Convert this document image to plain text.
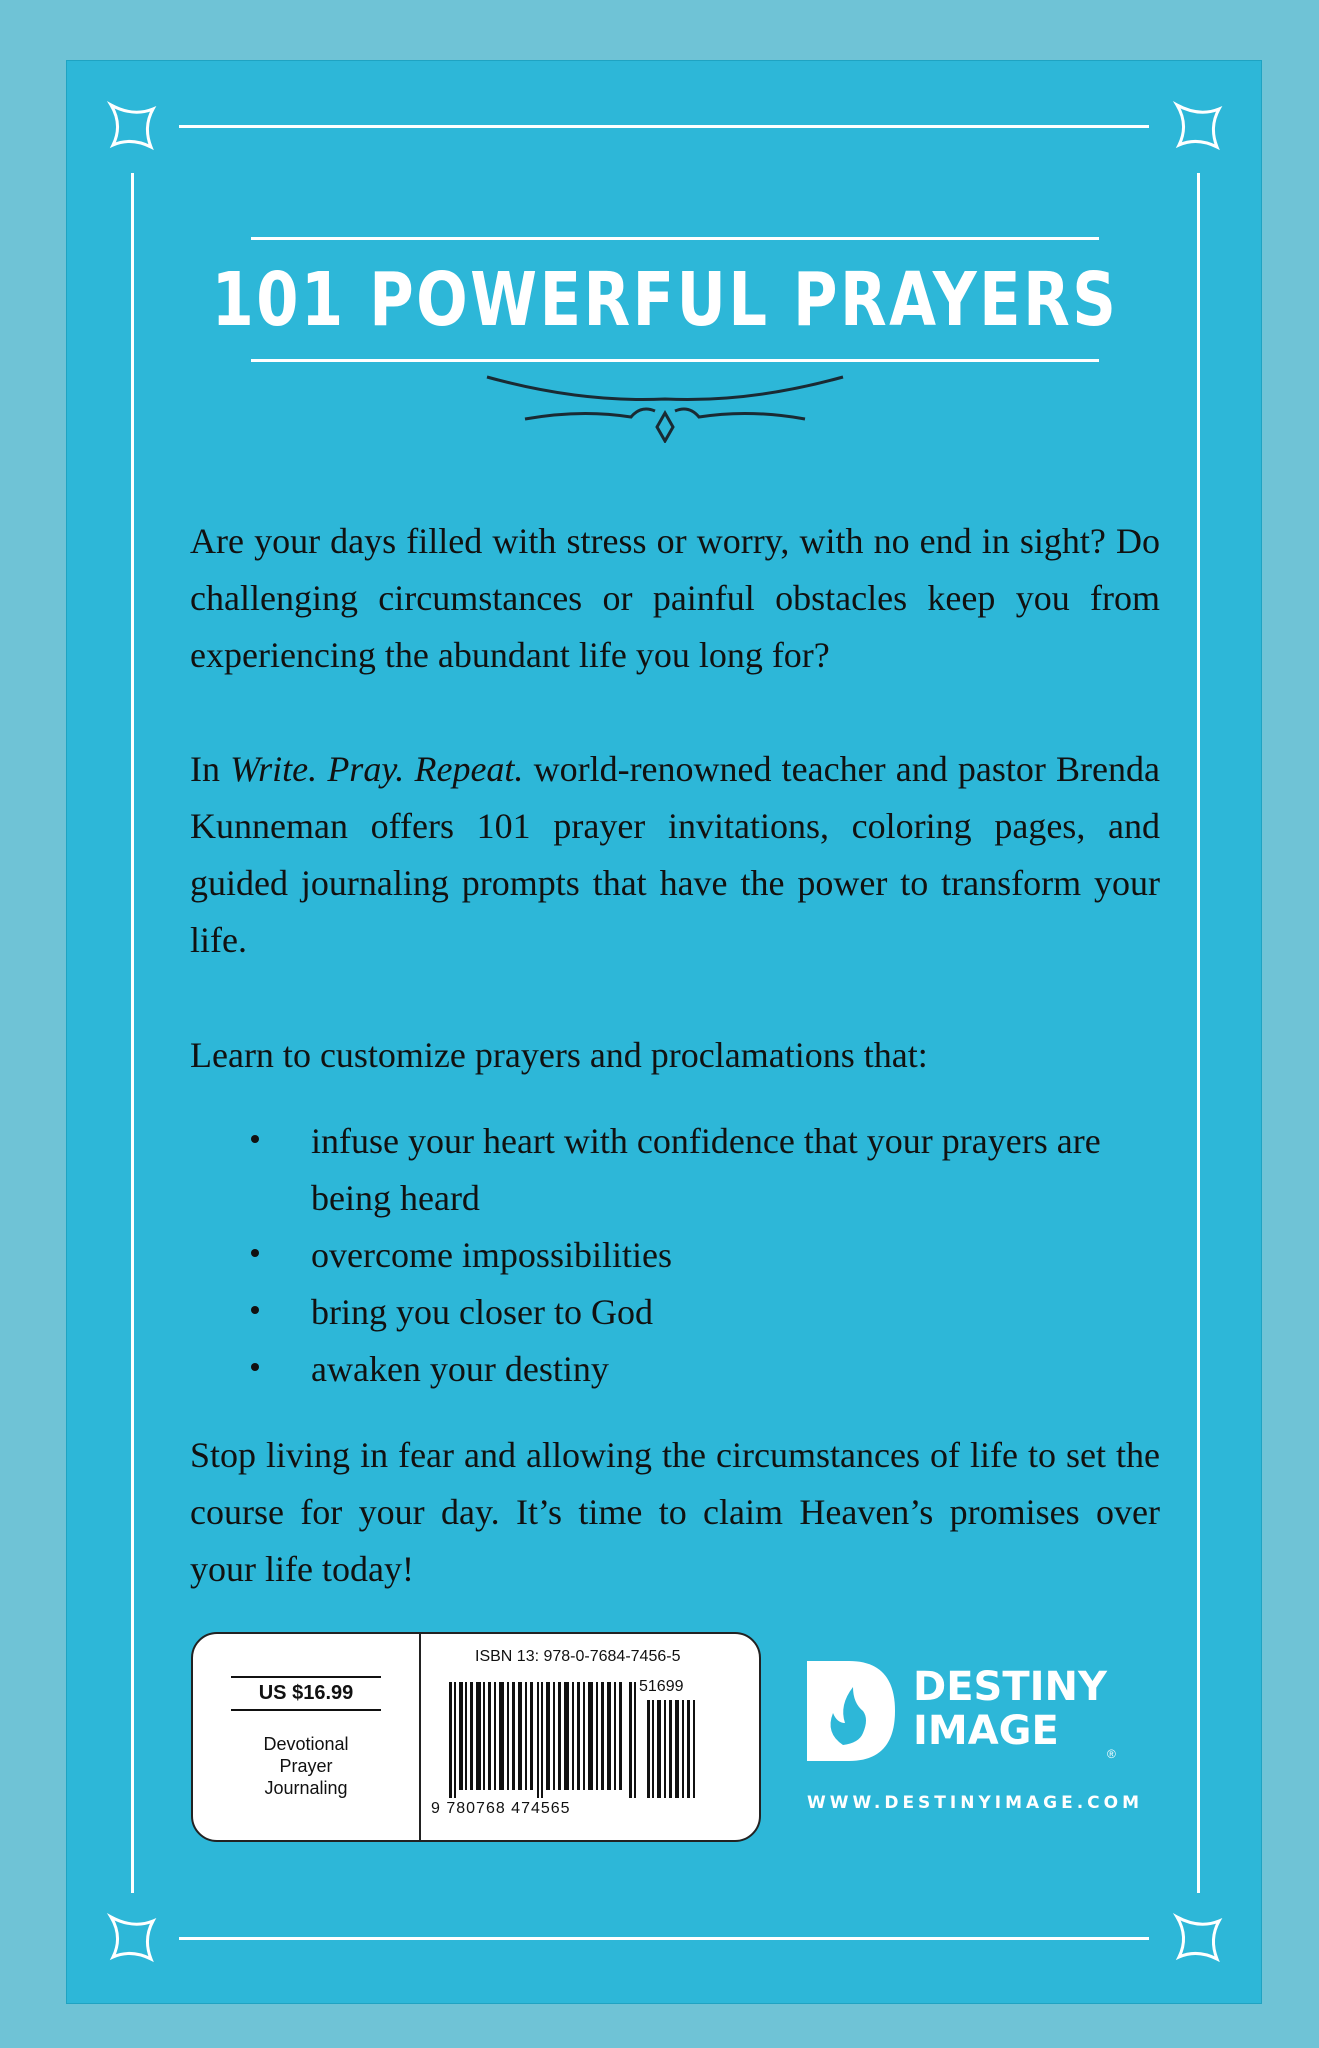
101 POWERFUL PRAYERS
Are your days filled with stress or worry, with no end in sight? Do challenging circumstances or painful obstacles keep you from experiencing the abundant life you long for?
In Write. Pray. Repeat. world-renowned teacher and pastor Brenda Kunneman offers 101 prayer invitations, coloring pages, and guided journaling prompts that have the power to transform your life.
Learn to customize prayers and proclamations that:
infuse your heart with confidence that your prayers are being heard
overcome impossibilities
bring you closer to God
awaken your destiny
Stop living in fear and allowing the circumstances of life to set the course for your day. It’s time to claim Heaven’s promises over your life today!
US $16.99
Devotional
Prayer
Journaling
ISBN 13: 978-0-7684-7456-5
51699
9 780768 474565
DESTINY
IMAGE	®
WWW.DESTINYIMAGE.COM
